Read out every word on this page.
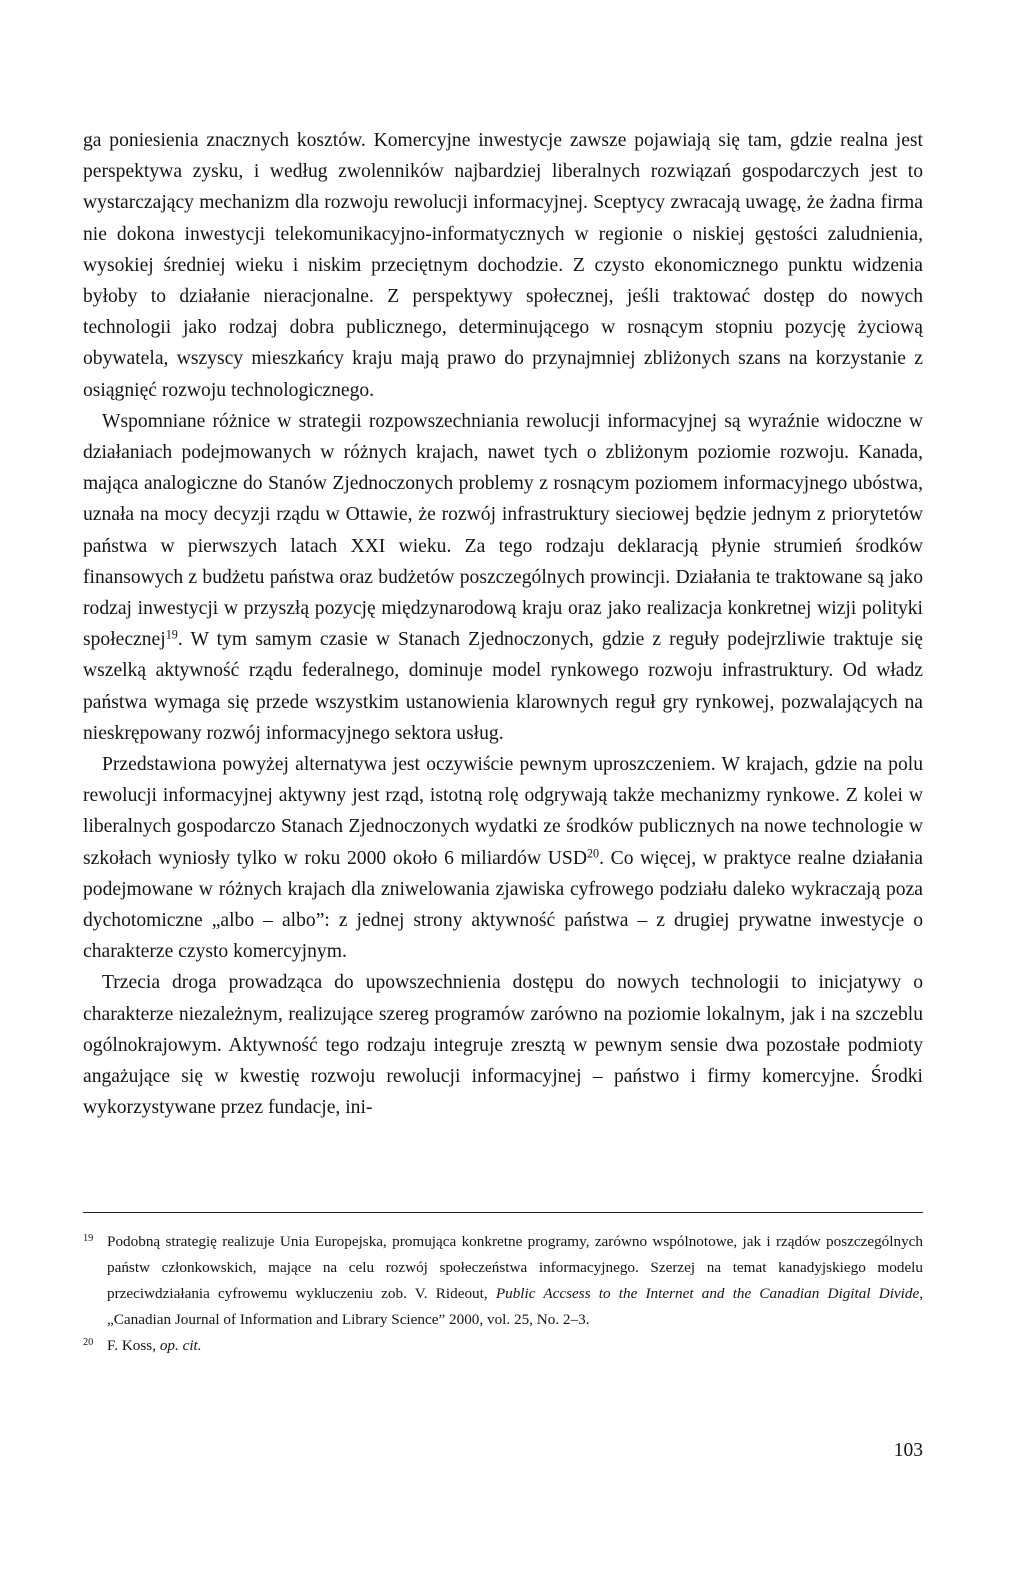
ga poniesienia znacznych kosztów. Komercyjne inwestycje zawsze pojawiają się tam, gdzie realna jest perspektywa zysku, i według zwolenników najbardziej liberalnych rozwiązań gospodarczych jest to wystarczający mechanizm dla rozwoju rewolucji informacyjnej. Sceptycy zwracają uwagę, że żadna firma nie dokona inwestycji telekomunikacyjno-informatycznych w regionie o niskiej gęstości zaludnienia, wysokiej średniej wieku i niskim przeciętnym dochodzie. Z czysto ekonomicznego punktu widzenia byłoby to działanie nieracjonalne. Z perspektywy społecznej, jeśli traktować dostęp do nowych technologii jako rodzaj dobra publicznego, determinującego w rosnącym stopniu pozycję życiową obywatela, wszyscy mieszkańcy kraju mają prawo do przynajmniej zbliżonych szans na korzystanie z osiągnięć rozwoju technologicznego.

Wspomniane różnice w strategii rozpowszechniania rewolucji informacyjnej są wyraźnie widoczne w działaniach podejmowanych w różnych krajach, nawet tych o zbliżonym poziomie rozwoju. Kanada, mająca analogiczne do Stanów Zjednoczonych problemy z rosnącym poziomem informacyjnego ubóstwa, uznała na mocy decyzji rządu w Ottawie, że rozwój infrastruktury sieciowej będzie jednym z priorytetów państwa w pierwszych latach XXI wieku. Za tego rodzaju deklaracją płynie strumień środków finansowych z budżetu państwa oraz budżetów poszczególnych prowincji. Działania te traktowane są jako rodzaj inwestycji w przyszłą pozycję międzynarodową kraju oraz jako realizacja konkretnej wizji polityki społecznej$^{19}$. W tym samym czasie w Stanach Zjednoczonych, gdzie z reguły podejrzliwie traktuje się wszelką aktywność rządu federalnego, dominuje model rynkowego rozwoju infrastruktury. Od władz państwa wymaga się przede wszystkim ustanowienia klarownych reguł gry rynkowej, pozwalających na nieskrępowany rozwój informacyjnego sektora usług.

Przedstawiona powyżej alternatywa jest oczywiście pewnym uproszczeniem. W krajach, gdzie na polu rewolucji informacyjnej aktywny jest rząd, istotną rolę odgrywają także mechanizmy rynkowe. Z kolei w liberalnych gospodarczo Stanach Zjednoczonych wydatki ze środków publicznych na nowe technologie w szkołach wyniosły tylko w roku 2000 około 6 miliardów USD$^{20}$. Co więcej, w praktyce realne działania podejmowane w różnych krajach dla zniwelowania zjawiska cyfrowego podziału daleko wykraczają poza dychotomiczne „albo – albo”: z jednej strony aktywność państwa – z drugiej prywatne inwestycje o charakterze czysto komercyjnym.

Trzecia droga prowadząca do upowszechnienia dostępu do nowych technologii to inicjatywy o charakterze niezależnym, realizujące szereg programów zarówno na poziomie lokalnym, jak i na szczeblu ogólnokrajowym. Aktywność tego rodzaju integruje zresztą w pewnym sensie dwa pozostałe podmioty angażujące się w kwestię rozwoju rewolucji informacyjnej – państwo i firmy komercyjne. Środki wykorzystywane przez fundacje, ini-

$^{19}$ Podobną strategię realizuje Unia Europejska, promująca konkretne programy, zarówno wspólnotowe, jak i rządów poszczególnych państw członkowskich, mające na celu rozwój społeczeństwa informacyjnego. Szerzej na temat kanadyjskiego modelu przeciwdziałania cyfrowemu wykluczeniu zob. V. Rideout, Public Accsess to the Internet and the Canadian Digital Divide, „Canadian Journal of Information and Library Science” 2000, vol. 25, No. 2–3.

$^{20}$ F. Koss, op. cit.

103
